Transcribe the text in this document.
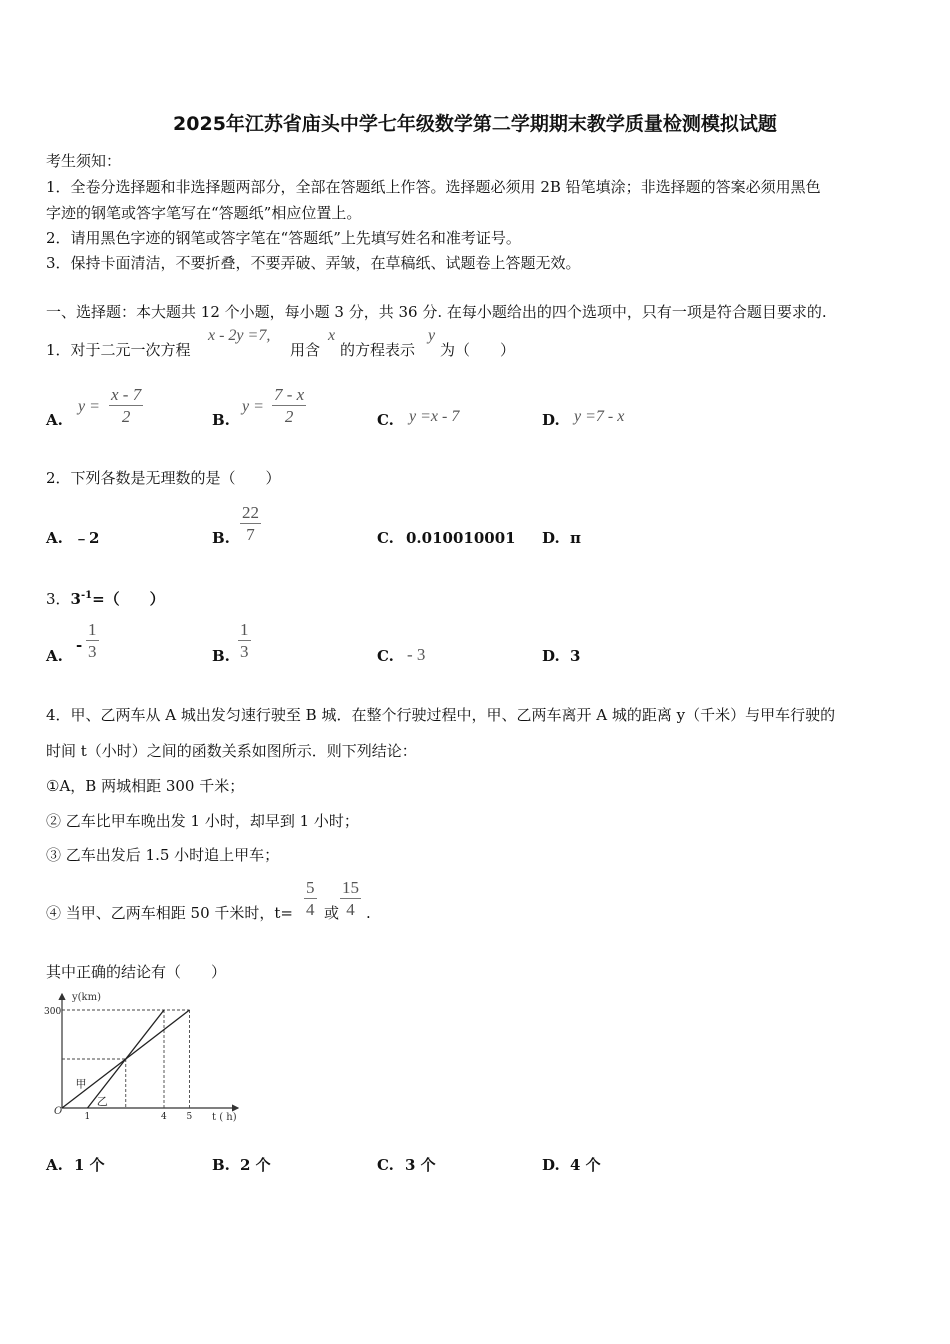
2025年江苏省庙头中学七年级数学第二学期期末教学质量检测模拟试题
考生须知：
1．全卷分选择题和非选择题两部分，全部在答题纸上作答。选择题必须用 2B 铅笔填涂；非选择题的答案必须用黑色
字迹的钢笔或答字笔写在“答题纸”相应位置上。
2．请用黑色字迹的钢笔或答字笔在“答题纸”上先填写姓名和准考证号。
3．保持卡面清洁，不要折叠，不要弄破、弄皱，在草稿纸、试题卷上答题无效。
一、选择题：本大题共 12 个小题，每小题 3 分，共 36 分. 在每小题给出的四个选项中，只有一项是符合题目要求的.
1．对于二元一次方程
x - 2y =7,
用含
x
的方程表示
y
为（　　）
A.
$y = \frac{x - 7}{2}$	B.
$y = \frac{7 - x}{2}$	C. y =x - 7	D. y =7 - x
2．下列各数是无理数的是（　　）
A. ﹣2	B. $\frac{22}{7}$	C. 0.010010001 D. π
3．$3^{-1}=$（　　）
A.
- $\frac{1}{3}$	B. $\frac{1}{3}$	C. - 3	D. 3
4．甲、乙两车从 A 城出发匀速行驶至 B 城．在整个行驶过程中，甲、乙两车离开 A 城的距离 y（千米）与甲车行驶的
时间 t（小时）之间的函数关系如图所示．则下列结论：
①A，B 两城相距 300 千米；
② 乙车比甲车晚出发 1 小时，却早到 1 小时；
③ 乙车出发后 1.5 小时追上甲车；
④ 当甲、乙两车相距 50 千米时，$t= \frac{5}{4}$ 或 $\frac{15}{4}$ .
其中正确的结论有（　　）
甲
乙
1	4 5
300
y(km)
t ( h)
O
A. 1 个	B. 2 个	C. 3 个	D. 4 个
